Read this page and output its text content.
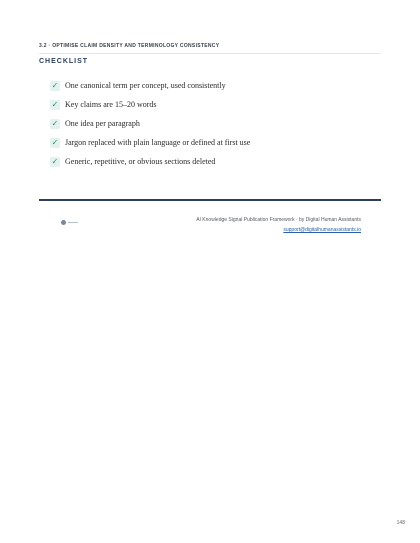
3.2 · OPTIMISE CLAIM DENSITY AND TERMINOLOGY CONSISTENCY
CHECKLIST
✓ One canonical term per concept, used consistently
✓ Key claims are 15–20 words
✓ One idea per paragraph
✓ Jargon replaced with plain language or defined at first use
✓ Generic, repetitive, or obvious sections deleted
AI Knowledge Signal Publication Framework · by Digital Human Assistants
support@digitalhumanassistants.io
148
